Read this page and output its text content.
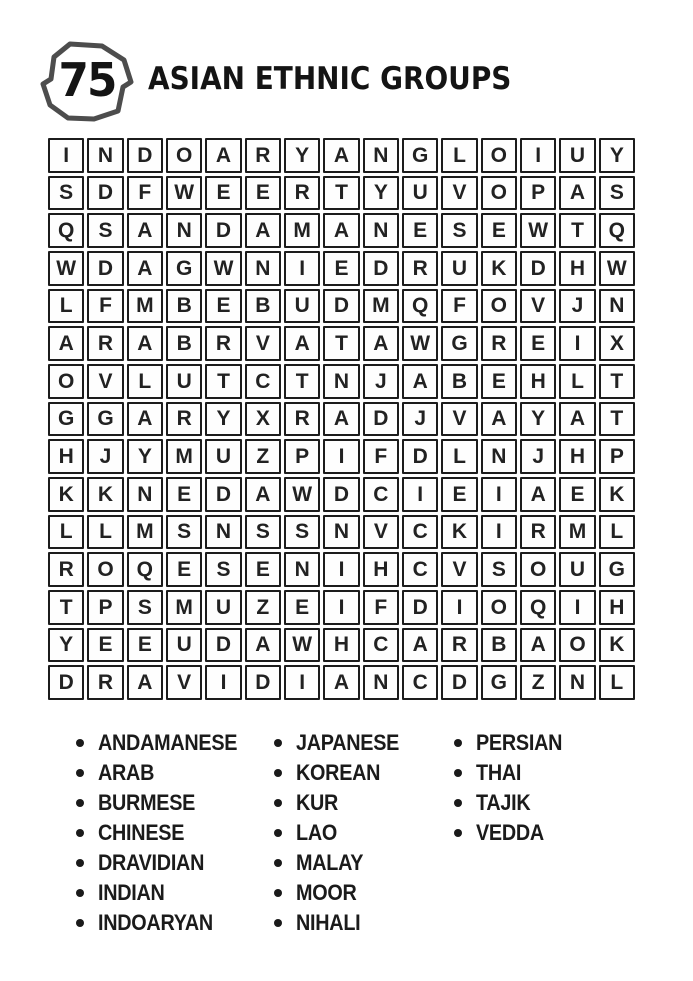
75 ASIAN ETHNIC GROUPS
I	N	D	O	A	R	Y	A	N	G	L	O	I	U	Y
S	D	F	W	E	E	R	T	Y	U	V	O	P	A	S
Q	S	A	N	D	A	M	A	N	E	S	E	W	T	Q
W	D	A	G	W	N	I	E	D	R	U	K	D	H	W
L	F	M	B	E	B	U	D	M	Q	F	O	V	J	N
A	R	A	B	R	V	A	T	A	W	G	R	E	I	X
O	V	L	U	T	C	T	N	J	A	B	E	H	L	T
G	G	A	R	Y	X	R	A	D	J	V	A	Y	A	T
H	J	Y	M	U	Z	P	I	F	D	L	N	J	H	P
K	K	N	E	D	A	W	D	C	I	E	I	A	E	K
L	L	M	S	N	S	S	N	V	C	K	I	R	M	L
R	O	Q	E	S	E	N	I	H	C	V	S	O	U	G
T	P	S	M	U	Z	E	I	F	D	I	O	Q	I	H
Y	E	E	U	D	A	W	H	C	A	R	B	A	O	K
D	R	A	V	I	D	I	A	N	C	D	G	Z	N	L
ANDAMANESE
ARAB
BURMESE
CHINESE
DRAVIDIAN
INDIAN
INDOARYAN
JAPANESE
KOREAN
KUR
LAO
MALAY
MOOR
NIHALI
PERSIAN
THAI
TAJIK
VEDDA
